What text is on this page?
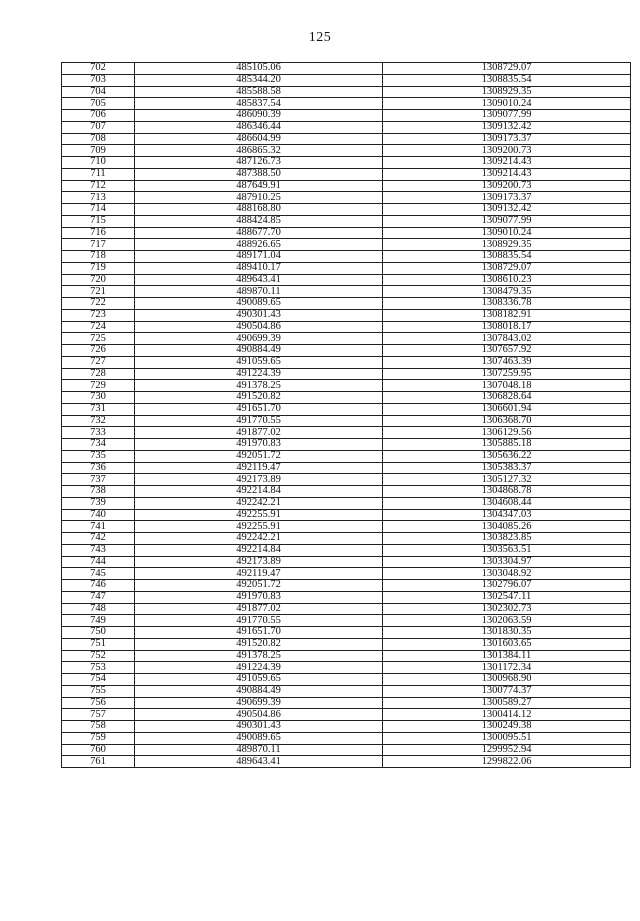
125
702	485105.06	1308729.07
703	485344.20	1308835.54
704	485588.58	1308929.35
705	485837.54	1309010.24
706	486090.39	1309077.99
707	486346.44	1309132.42
708	486604.99	1309173.37
709	486865.32	1309200.73
710	487126.73	1309214.43
711	487388.50	1309214.43
712	487649.91	1309200.73
713	487910.25	1309173.37
714	488168.80	1309132.42
715	488424.85	1309077.99
716	488677.70	1309010.24
717	488926.65	1308929.35
718	489171.04	1308835.54
719	489410.17	1308729.07
720	489643.41	1308610.23
721	489870.11	1308479.35
722	490089.65	1308336.78
723	490301.43	1308182.91
724	490504.86	1308018.17
725	490699.39	1307843.02
726	490884.49	1307657.92
727	491059.65	1307463.39
728	491224.39	1307259.95
729	491378.25	1307048.18
730	491520.82	1306828.64
731	491651.70	1306601.94
732	491770.55	1306368.70
733	491877.02	1306129.56
734	491970.83	1305885.18
735	492051.72	1305636.22
736	492119.47	1305383.37
737	492173.89	1305127.32
738	492214.84	1304868.78
739	492242.21	1304608.44
740	492255.91	1304347.03
741	492255.91	1304085.26
742	492242.21	1303823.85
743	492214.84	1303563.51
744	492173.89	1303304.97
745	492119.47	1303048.92
746	492051.72	1302796.07
747	491970.83	1302547.11
748	491877.02	1302302.73
749	491770.55	1302063.59
750	491651.70	1301830.35
751	491520.82	1301603.65
752	491378.25	1301384.11
753	491224.39	1301172.34
754	491059.65	1300968.90
755	490884.49	1300774.37
756	490699.39	1300589.27
757	490504.86	1300414.12
758	490301.43	1300249.38
759	490089.65	1300095.51
760	489870.11	1299952.94
761	489643.41	1299822.06
